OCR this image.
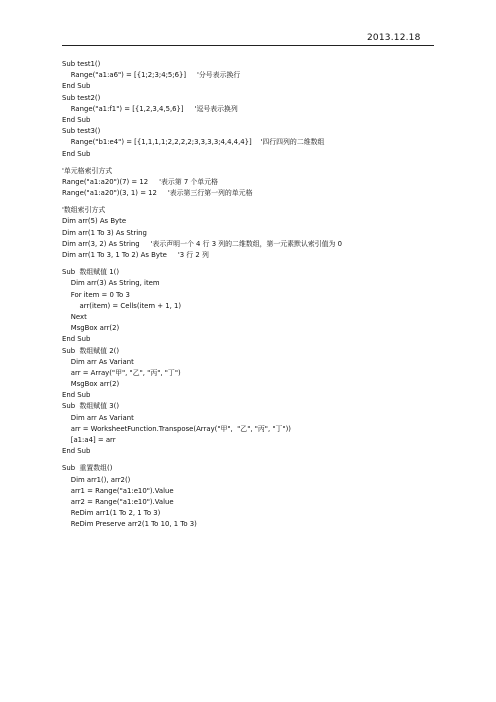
2013.12.18
Sub test1()
Range("a1:a6") = [{1;2;3;4;5;6}]     '分号表示换行
End Sub
Sub test2()
Range("a1:f1") = [{1,2,3,4,5,6}]     '逗号表示换列
End Sub
Sub test3()
Range("b1:e4") = [{1,1,1,1;2,2,2,2;3,3,3,3;4,4,4,4}]    '四行四列的二维数组
End Sub
'单元格索引方式
Range("a1:a20")(7) = 12     '表示第 7 个单元格
Range("a1:a20")(3, 1) = 12     '表示第三行第一列的单元格
'数组索引方式
Dim arr(5) As Byte
Dim arr(1 To 3) As String
Dim arr(3, 2) As String     '表示声明一个 4 行 3 列的二维数组，第一元素默认索引值为 0
Dim arr(1 To 3, 1 To 2) As Byte     '3 行 2 列
Sub  数组赋值 1()
Dim arr(3) As String, item
For item = 0 To 3
arr(item) = Cells(item + 1, 1)
Next
MsgBox arr(2)
End Sub
Sub  数组赋值 2()
Dim arr As Variant
arr = Array("甲", "乙", "丙", "丁")
MsgBox arr(2)
End Sub
Sub  数组赋值 3()
Dim arr As Variant
arr = WorksheetFunction.Transpose(Array("甲",  "乙", "丙", "丁"))
[a1:a4] = arr
End Sub
Sub  重置数组()
Dim arr1(), arr2()
arr1 = Range("a1:e10").Value
arr2 = Range("a1:e10").Value
ReDim arr1(1 To 2, 1 To 3)
ReDim Preserve arr2(1 To 10, 1 To 3)
